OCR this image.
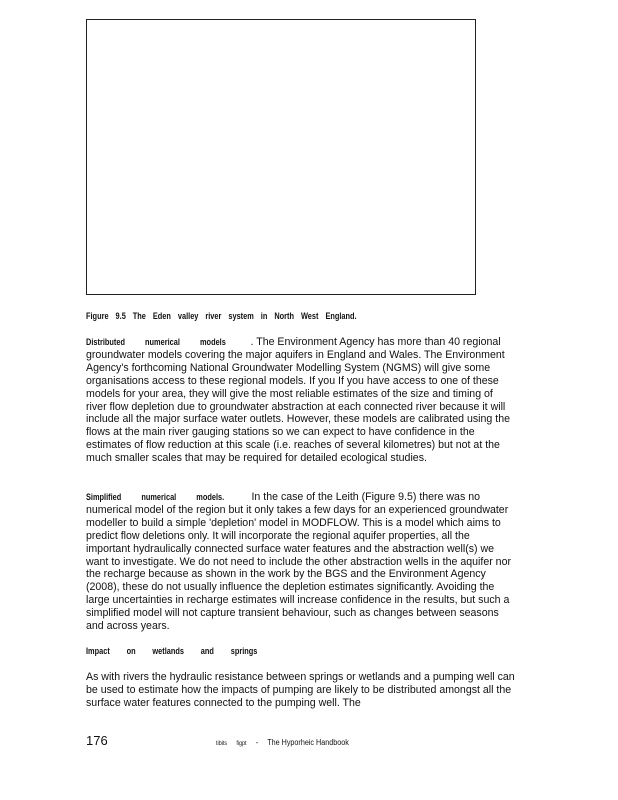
Figure 9.5 The Eden valley river system in North West England.

Distributed numerical models . The Environment Agency has more than 40 regional groundwater models covering the major aquifers in England and Wales. The Environment Agency's forthcoming National Groundwater Modelling System (NGMS) will give some organisations access to these regional models. If you If you have access to one of these models for your area, they will give the most reliable estimates of the size and timing of river flow depletion due to groundwater abstraction at each connected river because it will include all the major surface water outlets. However, these models are calibrated using the flows at the main river gauging stations so we can expect to have confidence in the estimates of flow reduction at this scale (i.e. reaches of several kilometres) but not at the much smaller scales that may be required for detailed ecological studies.

Simplified numerical models. In the case of the Leith (Figure 9.5) there was no numerical model of the region but it only takes a few days for an experienced groundwater modeller to build a simple 'depletion' model in MODFLOW. This is a model which aims to predict flow deletions only. It will incorporate the regional aquifer properties, all the important hydraulically connected surface water features and the abstraction well(s) we want to investigate. We do not need to include the other abstraction wells in the aquifer nor the recharge because as shown in the work by the BGS and the Environment Agency (2008), these do not usually influence the depletion estimates significantly. Avoiding the large uncertainties in recharge estimates will increase confidence in the results, but such a simplified model will not capture transient behaviour, such as changes between seasons and across years.

Impact on wetlands and springs

As with rivers the hydraulic resistance between springs or wetlands and a pumping well can be used to estimate how the impacts of pumping are likely to be distributed amongst all the surface water features connected to the pumping well. The

176	tibits figpt - The Hyporheic Handbook
